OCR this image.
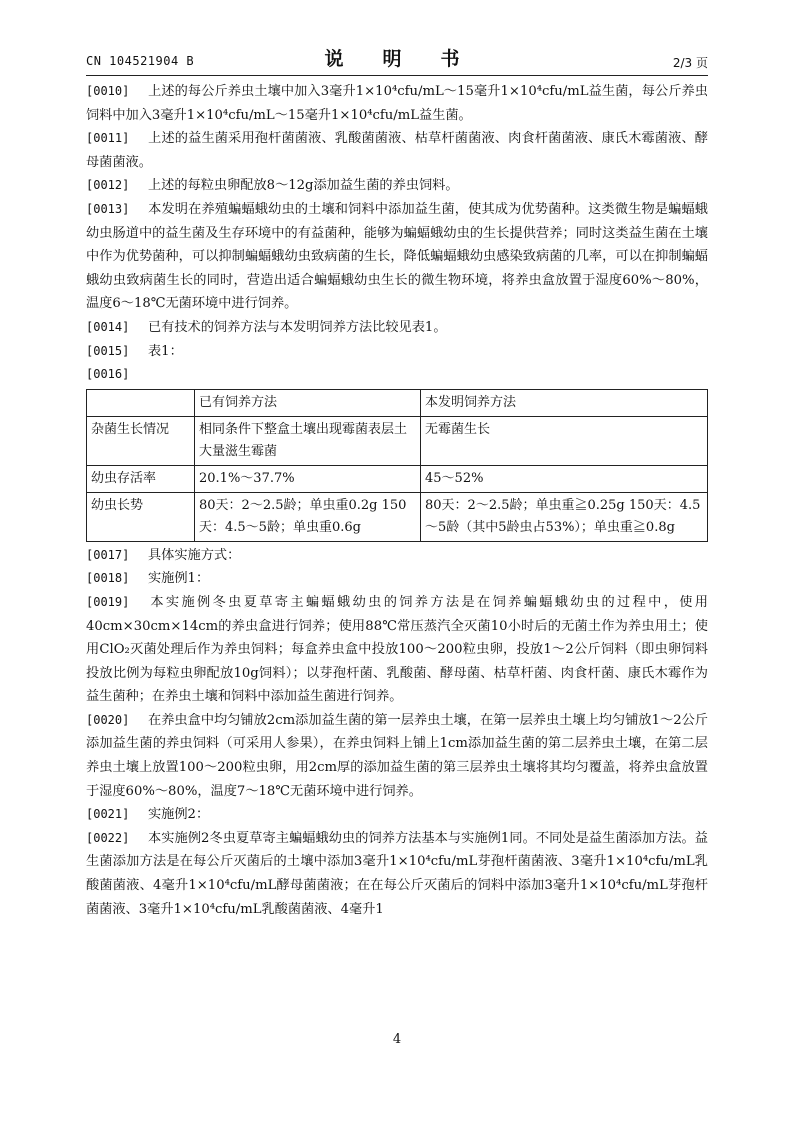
CN 104521904 B	说　明　书	2/3 页

[0010] 上述的每公斤养虫土壤中加入3毫升1×10⁴cfu/mL～15毫升1×10⁴cfu/mL益生菌，每公斤养虫饲料中加入3毫升1×10⁴cfu/mL～15毫升1×10⁴cfu/mL益生菌。

[0011] 上述的益生菌采用孢杆菌菌液、乳酸菌菌液、枯草杆菌菌液、肉食杆菌菌液、康氏木霉菌液、酵母菌菌液。

[0012] 上述的每粒虫卵配放8～12g添加益生菌的养虫饲料。

[0013] 本发明在养殖蝙蝠蛾幼虫的土壤和饲料中添加益生菌，使其成为优势菌种。这类微生物是蝙蝠蛾幼虫肠道中的益生菌及生存环境中的有益菌种，能够为蝙蝠蛾幼虫的生长提供营养；同时这类益生菌在土壤中作为优势菌种，可以抑制蝙蝠蛾幼虫致病菌的生长，降低蝙蝠蛾幼虫感染致病菌的几率，可以在抑制蝙蝠蛾幼虫致病菌生长的同时，营造出适合蝙蝠蛾幼虫生长的微生物环境，将养虫盒放置于湿度60%～80%，温度6～18℃无菌环境中进行饲养。

[0014] 已有技术的饲养方法与本发明饲养方法比较见表1。

[0015] 表1：

[0016]

	已有饲养方法	本发明饲养方法
杂菌生长情况	相同条件下整盒土壤出现霉菌表层土大量滋生霉菌	无霉菌生长
幼虫存活率	20.1%～37.7%	45～52%
幼虫长势	80天：2～2.5龄；单虫重0.2g 150天：4.5～5龄；单虫重0.6g	80天：2～2.5龄；单虫重≧0.25g 150天：4.5～5龄（其中5龄虫占53%）；单虫重≧0.8g

[0017] 具体实施方式：

[0018] 实施例1：

[0019] 本实施例冬虫夏草寄主蝙蝠蛾幼虫的饲养方法是在饲养蝙蝠蛾幼虫的过程中，使用40cm×30cm×14cm的养虫盒进行饲养；使用88℃常压蒸汽全灭菌10小时后的无菌土作为养虫用土；使用ClO₂灭菌处理后作为养虫饲料；每盒养虫盒中投放100～200粒虫卵，投放1～2公斤饲料（即虫卵饲料投放比例为每粒虫卵配放10g饲料）；以芽孢杆菌、乳酸菌、酵母菌、枯草杆菌、肉食杆菌、康氏木霉作为益生菌种；在养虫土壤和饲料中添加益生菌进行饲养。

[0020] 在养虫盒中均匀铺放2cm添加益生菌的第一层养虫土壤，在第一层养虫土壤上均匀铺放1～2公斤添加益生菌的养虫饲料（可采用人参果），在养虫饲料上铺上1cm添加益生菌的第二层养虫土壤，在第二层养虫土壤上放置100～200粒虫卵，用2cm厚的添加益生菌的第三层养虫土壤将其均匀覆盖，将养虫盒放置于湿度60%～80%，温度7～18℃无菌环境中进行饲养。

[0021] 实施例2：

[0022] 本实施例2冬虫夏草寄主蝙蝠蛾幼虫的饲养方法基本与实施例1同。不同处是益生菌添加方法。益生菌添加方法是在每公斤灭菌后的土壤中添加3毫升1×10⁴cfu/mL芽孢杆菌菌液、3毫升1×10⁴cfu/mL乳酸菌菌液、4毫升1×10⁴cfu/mL酵母菌菌液；在在每公斤灭菌后的饲料中添加3毫升1×10⁴cfu/mL芽孢杆菌菌液、3毫升1×10⁴cfu/mL乳酸菌菌液、4毫升1

4
